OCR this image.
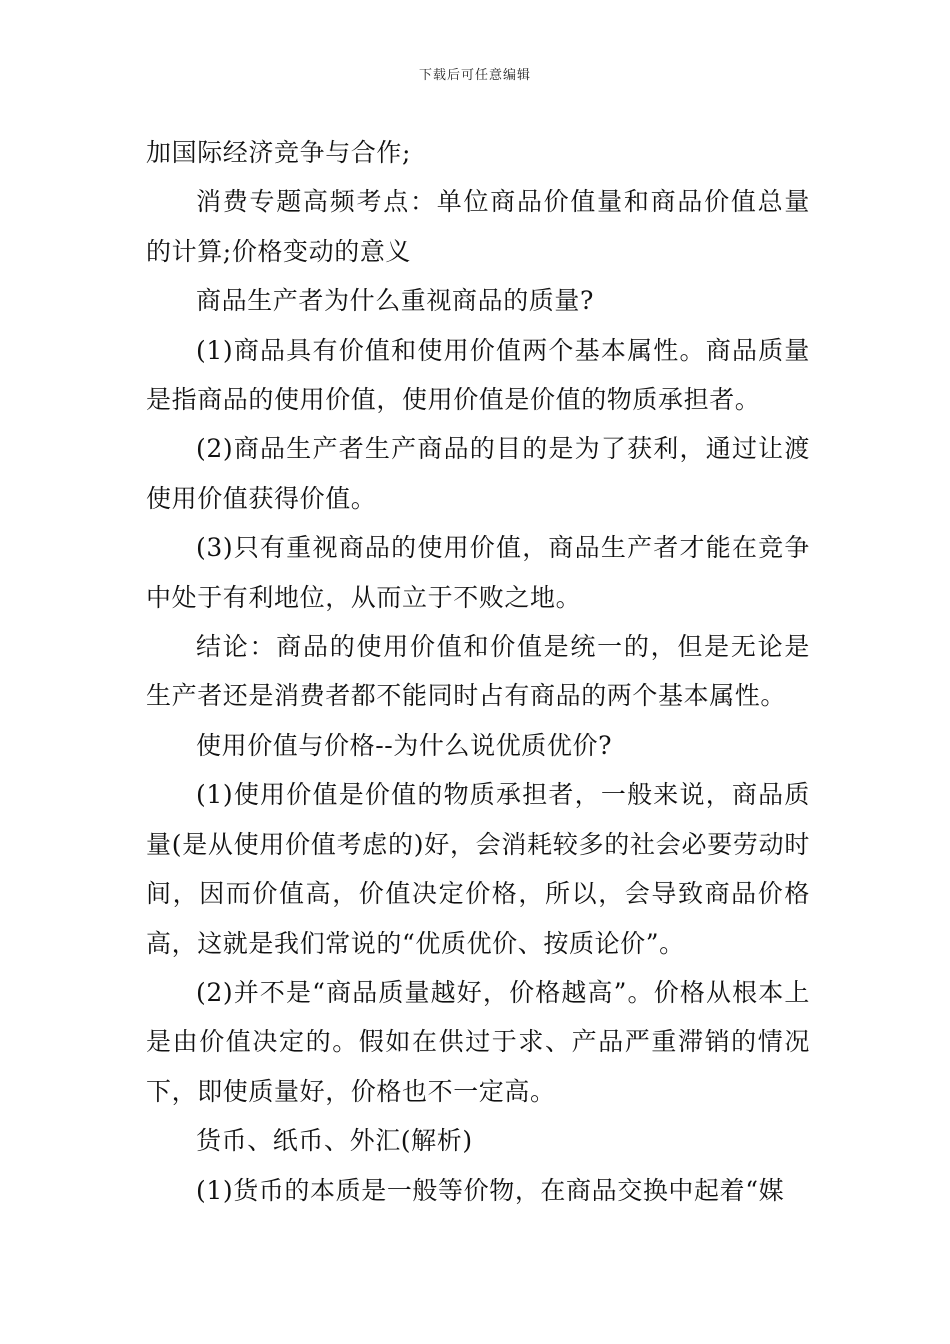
下载后可任意编辑

加国际经济竞争与合作;

消费专题高频考点：单位商品价值量和商品价值总量的计算;价格变动的意义

商品生产者为什么重视商品的质量?

(1)商品具有价值和使用价值两个基本属性。商品质量是指商品的使用价值，使用价值是价值的物质承担者。

(2)商品生产者生产商品的目的是为了获利，通过让渡使用价值获得价值。

(3)只有重视商品的使用价值，商品生产者才能在竞争中处于有利地位，从而立于不败之地。

结论：商品的使用价值和价值是统一的，但是无论是生产者还是消费者都不能同时占有商品的两个基本属性。

使用价值与价格--为什么说优质优价?

(1)使用价值是价值的物质承担者，一般来说，商品质量(是从使用价值考虑的)好，会消耗较多的社会必要劳动时间，因而价值高，价值决定价格，所以，会导致商品价格高，这就是我们常说的“优质优价、按质论价”。

(2)并不是“商品质量越好，价格越高”。价格从根本上是由价值决定的。假如在供过于求、产品严重滞销的情况下，即使质量好，价格也不一定高。

货币、纸币、外汇(解析)

(1)货币的本质是一般等价物，在商品交换中起着“媒
